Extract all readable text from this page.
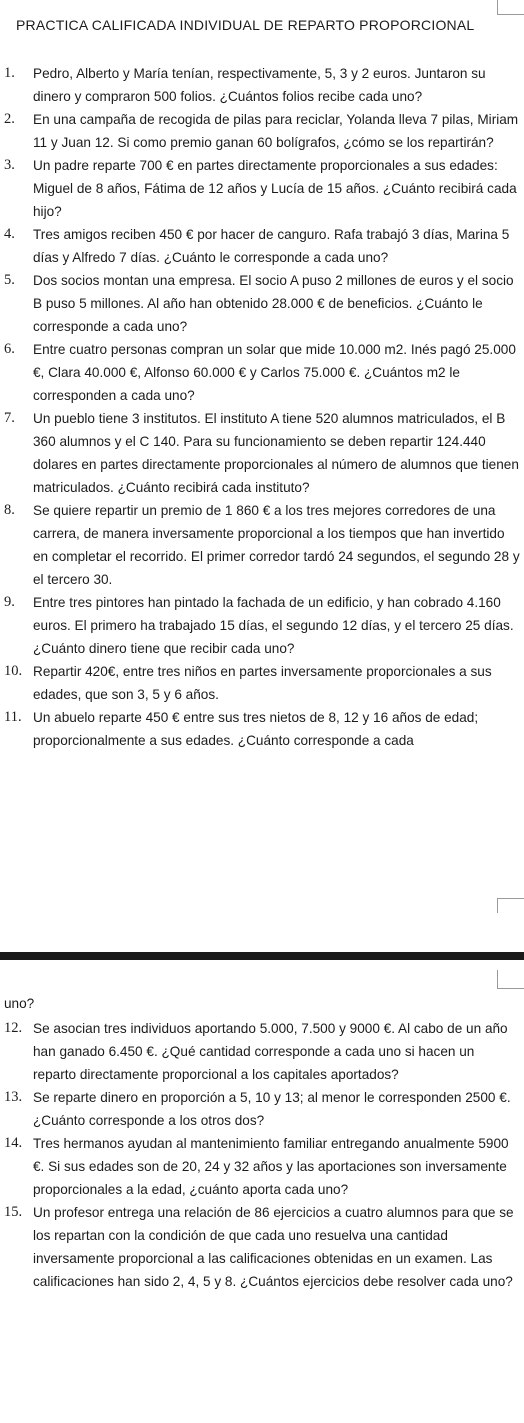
PRACTICA CALIFICADA INDIVIDUAL DE REPARTO PROPORCIONAL
1.	Pedro, Alberto y María tenían, respectivamente, 5, 3 y 2 euros. Juntaron su dinero y compraron 500 folios. ¿Cuántos folios recibe cada uno?
2.	En una campaña de recogida de pilas para reciclar, Yolanda lleva 7 pilas, Miriam 11 y Juan 12. Si como premio ganan 60 bolígrafos, ¿cómo se los repartirán?
3.	Un padre reparte 700 € en partes directamente proporcionales a sus edades: Miguel de 8 años, Fátima de 12 años y Lucía de 15 años. ¿Cuánto recibirá cada hijo?
4.	Tres amigos reciben 450 € por hacer de canguro. Rafa trabajó 3 días, Marina 5 días y Alfredo 7 días. ¿Cuánto le corresponde a cada uno?
5.	Dos socios montan una empresa. El socio A puso 2 millones de euros y el socio B puso 5 millones. Al año han obtenido 28.000 € de beneficios. ¿Cuánto le corresponde a cada uno?
6.	Entre cuatro personas compran un solar que mide 10.000 m2. Inés pagó 25.000 €, Clara 40.000 €, Alfonso 60.000 € y Carlos 75.000 €. ¿Cuántos m2 le corresponden a cada uno?
7.	Un pueblo tiene 3 institutos. El instituto A tiene 520 alumnos matriculados, el B 360 alumnos y el C 140. Para su funcionamiento se deben repartir 124.440 dolares en partes directamente proporcionales al número de alumnos que tienen matriculados. ¿Cuánto recibirá cada instituto?
8.	Se quiere repartir un premio de 1 860 € a los tres mejores corredores de una carrera, de manera inversamente proporcional a los tiempos que han invertido en completar el recorrido. El primer corredor tardó 24 segundos, el segundo 28 y el tercero 30.
9.	Entre tres pintores han pintado la fachada de un edificio, y han cobrado 4.160 euros. El primero ha trabajado 15 días, el segundo 12 días, y el tercero 25 días. ¿Cuánto dinero tiene que recibir cada uno?
10. Repartir 420€, entre tres niños en partes inversamente proporcionales a sus edades, que son 3, 5 y 6 años.
11. Un abuelo reparte 450 € entre sus tres nietos de 8, 12 y 16 años de edad; proporcionalmente a sus edades. ¿Cuánto corresponde a cada
uno?
12. Se asocian tres individuos aportando 5.000, 7.500 y 9000 €. Al cabo de un año han ganado 6.450 €. ¿Qué cantidad corresponde a cada uno si hacen un reparto directamente proporcional a los capitales aportados?
13. Se reparte dinero en proporción a 5, 10 y 13; al menor le corresponden 2500 €. ¿Cuánto corresponde a los otros dos?
14. Tres hermanos ayudan al mantenimiento familiar entregando anualmente 5900 €. Si sus edades son de 20, 24 y 32 años y las aportaciones son inversamente proporcionales a la edad, ¿cuánto aporta cada uno?
15. Un profesor entrega una relación de 86 ejercicios a cuatro alumnos para que se los repartan con la condición de que cada uno resuelva una cantidad inversamente proporcional a las calificaciones obtenidas en un examen. Las calificaciones han sido 2, 4, 5 y 8. ¿Cuántos ejercicios debe resolver cada uno?
